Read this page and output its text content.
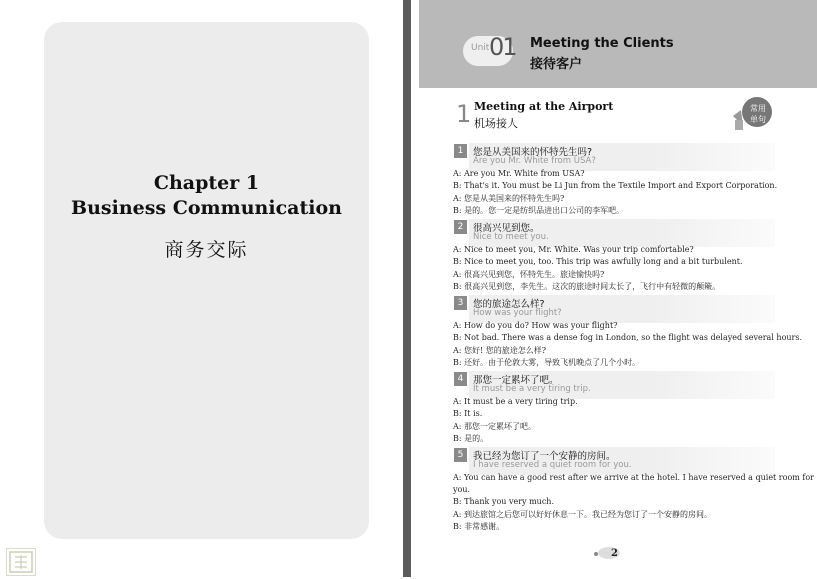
Chapter 1
Business Communication
商务交际
Unit 01 Meeting the Clients
接待客户
1 Meeting at the Airport
机场接人
常用
单句
1	您是从美国来的怀特先生吗?
Are you Mr. White from USA?
A: Are you Mr. White from USA?
B: That's it. You must be Li Jun from the Textile Import and Export Corporation.
A: 您是从美国来的怀特先生吗?
B: 是的。您一定是纺织品进出口公司的李军吧。
2	很高兴见到您。
Nice to meet you.
A: Nice to meet you, Mr. White. Was your trip comfortable?
B: Nice to meet you, too. This trip was awfully long and a bit turbulent.
A: 很高兴见到您，怀特先生。旅途愉快吗?
B: 很高兴见到您，李先生。这次的旅途时间太长了，飞行中有轻微的颠簸。
3	您的旅途怎么样?
How was your flight?
A: How do you do? How was your flight?
B: Not bad. There was a dense fog in London, so the flight was delayed several hours.
A: 您好! 您的旅途怎么样?
B: 还好。由于伦敦大雾，导致飞机晚点了几个小时。
4	那您一定累坏了吧。
It must be a very tiring trip.
A: It must be a very tiring trip.
B: It is.
A: 那您一定累坏了吧。
B: 是的。
5	我已经为您订了一个安静的房间。
I have reserved a quiet room for you.
A: You can have a good rest after we arrive at the hotel. I have reserved a quiet room for
you.
B: Thank you very much.
A: 到达旅馆之后您可以好好休息一下。我已经为您订了一个安静的房间。
B: 非常感谢。
2
